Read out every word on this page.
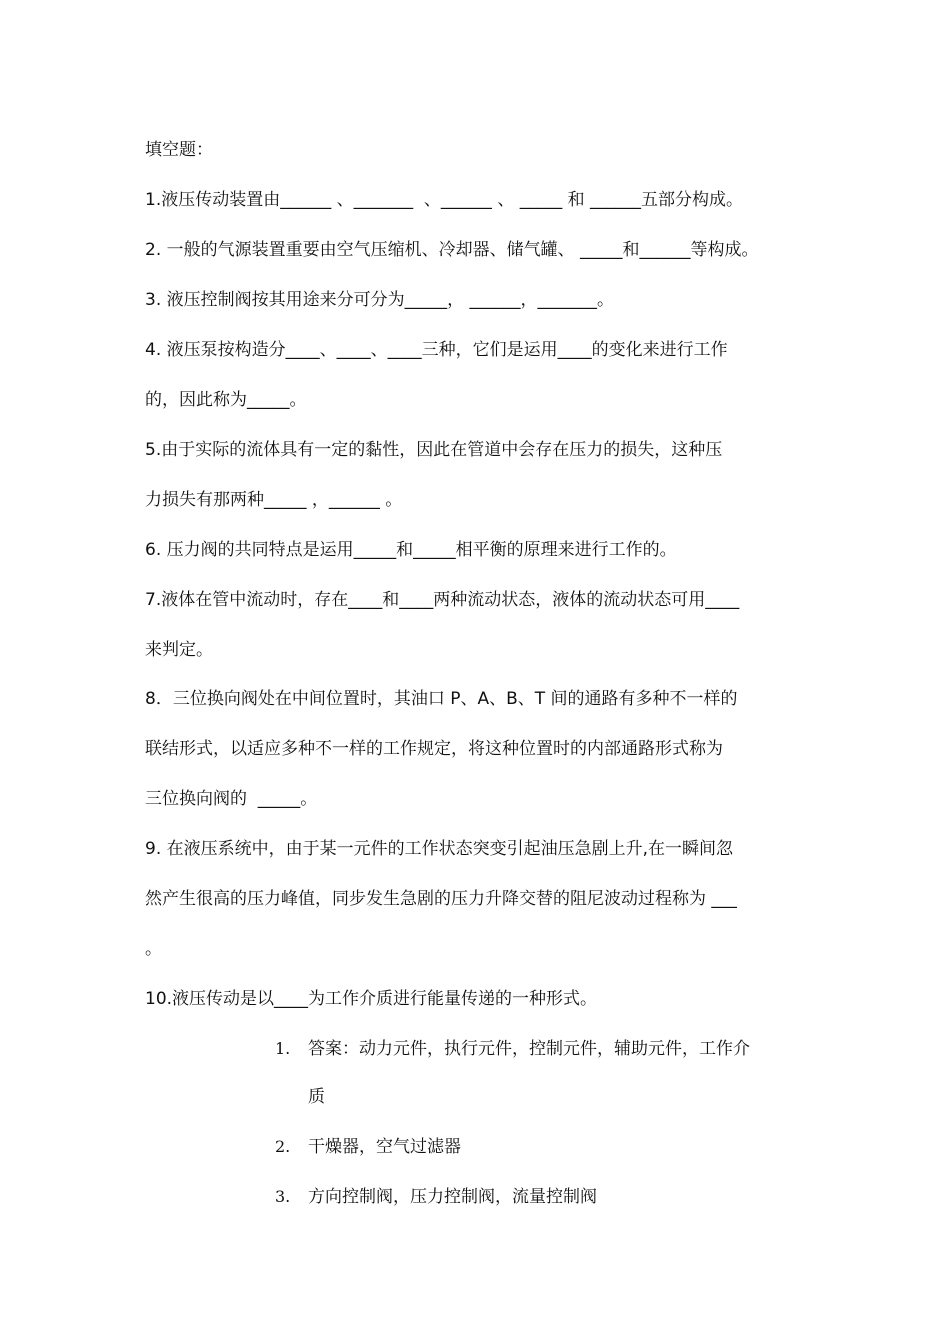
填空题：
1.液压传动装置由______ 、_______  、______ 、 _____ 和 ______五部分构成。
2. 一般的气源装置重要由空气压缩机、冷却器、储气罐、 _____和______等构成。
3. 液压控制阀按其用途来分可分为_____， ______，_______。
4. 液压泵按构造分____、____、____三种，它们是运用____的变化来进行工作
的，因此称为_____。
5.由于实际的流体具有一定的黏性，因此在管道中会存在压力的损失，这种压
力损失有那两种_____ ，______ 。
6. 压力阀的共同特点是运用_____和_____相平衡的原理来进行工作的。
7.液体在管中流动时，存在____和____两种流动状态，液体的流动状态可用____
来判定。
8．三位换向阀处在中间位置时，其油口 P、A、B、T 间的通路有多种不一样的
联结形式，以适应多种不一样的工作规定，将这种位置时的内部通路形式称为
三位换向阀的  _____。
9. 在液压系统中，由于某一元件的工作状态突变引起油压急剧上升,在一瞬间忽
然产生很高的压力峰值，同步发生急剧的压力升降交替的阻尼波动过程称为 ___
。
10.液压传动是以____为工作介质进行能量传递的一种形式。
1. 答案：动力元件，执行元件，控制元件，辅助元件，工作介
质
2. 干燥器，空气过滤器
3. 方向控制阀，压力控制阀，流量控制阀
